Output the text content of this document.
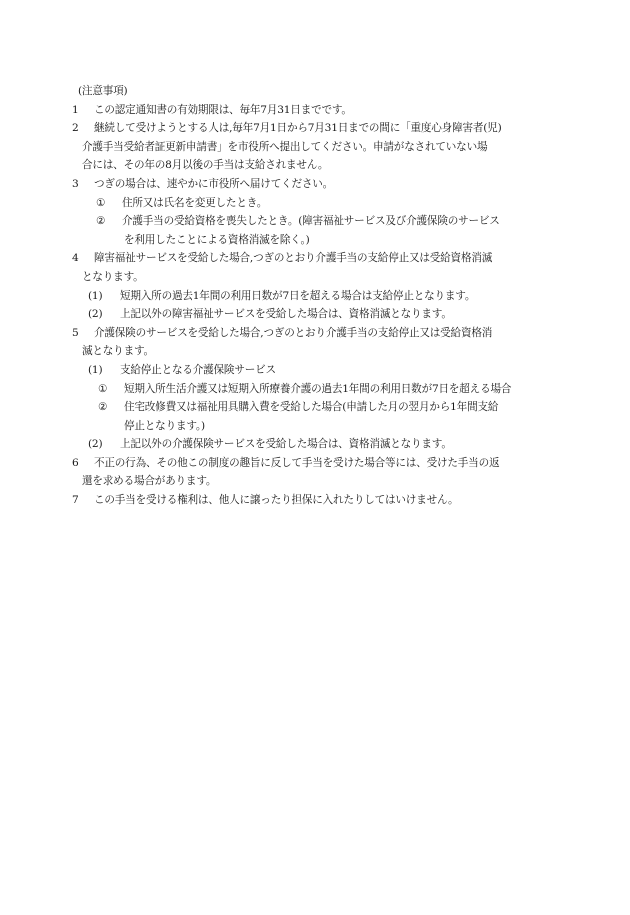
(注意事項)
1	この認定通知書の有効期限は、毎年7月31日までです。
2	継続して受けようとする人は,毎年7月1日から7月31日までの間に「重度心身障害者(児)
介護手当受給者証更新申請書」を市役所へ提出してください。申請がなされていない場
合には、その年の8月以後の手当は支給されません。
3	つぎの場合は、速やかに市役所へ届けてください。
①	住所又は氏名を変更したとき。
②	介護手当の受給資格を喪失したとき。(障害福祉サービス及び介護保険のサービス
を利用したことによる資格消滅を除く。)
4	障害福祉サービスを受給した場合,つぎのとおり介護手当の支給停止又は受給資格消滅
となります。
(1)	短期入所の過去1年間の利用日数が7日を超える場合は支給停止となります。
(2)	上記以外の障害福祉サービスを受給した場合は、資格消滅となります。
5	介護保険のサービスを受給した場合,つぎのとおり介護手当の支給停止又は受給資格消
滅となります。
(1)	支給停止となる介護保険サービス
①	短期入所生活介護又は短期入所療養介護の過去1年間の利用日数が7日を超える場合
②	住宅改修費又は福祉用具購入費を受給した場合(申請した月の翌月から1年間支給
停止となります。)
(2)	上記以外の介護保険サービスを受給した場合は、資格消滅となります。
6	不正の行為、その他この制度の趣旨に反して手当を受けた場合等には、受けた手当の返
還を求める場合があります。
7	この手当を受ける権利は、他人に譲ったり担保に入れたりしてはいけません。
